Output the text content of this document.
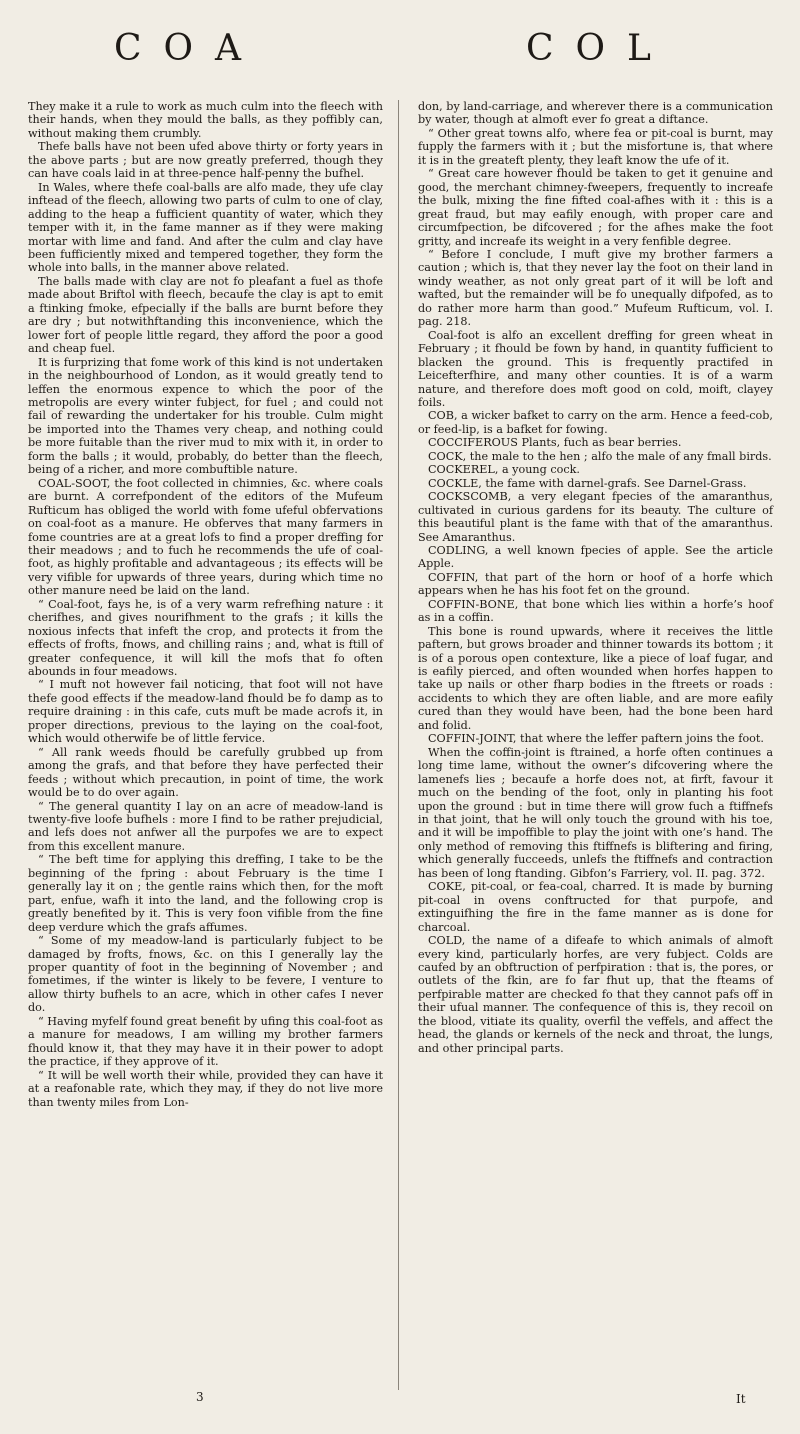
COA	COL

They make it a rule to work as much culm into the fleech with their hands, when they mould the balls, as they poffibly can, without making them crumbly.

Thefe balls have not been ufed above thirty or forty years in the above parts ; but are now greatly preferred, though they can have coals laid in at three-pence half-penny the bufhel.

In Wales, where thefe coal-balls are alfo made, they ufe clay inftead of the fleech, allowing two parts of culm to one of clay, adding to the heap a fufficient quantity of water, which they temper with it, in the fame manner as if they were making mortar with lime and fand. And after the culm and clay have been fufficiently mixed and tempered together, they form the whole into balls, in the manner above related.

The balls made with clay are not fo pleafant a fuel as thofe made about Briftol with fleech, becaufe the clay is apt to emit a ftinking fmoke, efpecially if the balls are burnt before they are dry ; but notwithftanding this inconvenience, which the lower fort of people little regard, they afford the poor a good and cheap fuel.

It is furprizing that fome work of this kind is not undertaken in the neighbourhood of London, as it would greatly tend to leffen the enormous expence to which the poor of the metropolis are every winter fubject, for fuel ; and could not fail of rewarding the undertaker for his trouble. Culm might be imported into the Thames very cheap, and nothing could be more fuitable than the river mud to mix with it, in order to form the balls ; it would, probably, do better than the fleech, being of a richer, and more combuftible nature.

COAL-SOOT, the foot collected in chimnies, &c. where coals are burnt. A correfpondent of the editors of the Mufeum Rufticum has obliged the world with fome ufeful obfervations on coal-foot as a manure. He obferves that many farmers in fome countries are at a great lofs to find a proper dreffing for their meadows ; and to fuch he recommends the ufe of coal-foot, as highly profitable and advantageous ; its effects will be very vifible for upwards of three years, during which time no other manure need be laid on the land.

“ Coal-foot, fays he, is of a very warm refrefhing nature : it cherifhes, and gives nourifhment to the grafs ; it kills the noxious infects that infeft the crop, and protects it from the effects of frofts, fnows, and chilling rains ; and, what is ftill of greater confequence, it will kill the mofs that fo often abounds in four meadows.

“ I muft not however fail noticing, that foot will not have thefe good effects if the meadow-land fhould be fo damp as to require draining : in this cafe, cuts muft be made acrofs it, in proper directions, previous to the laying on the coal-foot, which would otherwife be of little fervice.

“ All rank weeds fhould be carefully grubbed up from among the grafs, and that before they have perfected their feeds ; without which precaution, in point of time, the work would be to do over again.

“ The general quantity I lay on an acre of meadow-land is twenty-five loofe bufhels : more I find to be rather prejudicial, and lefs does not anfwer all the purpofes we are to expect from this excellent manure.

“ The beft time for applying this dreffing, I take to be the beginning of the fpring : about February is the time I generally lay it on ; the gentle rains which then, for the moft part, enfue, wafh it into the land, and the following crop is greatly benefited by it. This is very foon vifible from the fine deep verdure which the grafs affumes.

“ Some of my meadow-land is particularly fubject to be damaged by frofts, fnows, &c. on this I generally lay the proper quantity of foot in the beginning of November ; and fometimes, if the winter is likely to be fevere, I venture to allow thirty bufhels to an acre, which in other cafes I never do.

“ Having myfelf found great benefit by ufing this coal-foot as a manure for meadows, I am willing my brother farmers fhould know it, that they may have it in their power to adopt the practice, if they approve of it.

“ It will be well worth their while, provided they can have it at a reafonable rate, which they may, if they do not live more than twenty miles from Lon-

don, by land-carriage, and wherever there is a communication by water, though at almoft ever fo great a diftance.

“ Other great towns alfo, where fea or pit-coal is burnt, may fupply the farmers with it ; but the misfortune is, that where it is in the greateft plenty, they leaft know the ufe of it.

“ Great care however fhould be taken to get it genuine and good, the merchant chimney-fweepers, frequently to increafe the bulk, mixing the fine fifted coal-afhes with it : this is a great fraud, but may eafily enough, with proper care and circumfpection, be difcovered ; for the afhes make the foot gritty, and increafe its weight in a very fenfible degree.

“ Before I conclude, I muft give my brother farmers a caution ; which is, that they never lay the foot on their land in windy weather, as not only great part of it will be loft and wafted, but the remainder will be fo unequally difpofed, as to do rather more harm than good.” Mufeum Rufticum, vol. I. pag. 218.

Coal-foot is alfo an excellent dreffing for green wheat in February ; it fhould be fown by hand, in quantity fufficient to blacken the ground. This is frequently practifed in Leicefterfhire, and many other counties. It is of a warm nature, and therefore does moft good on cold, moift, clayey foils.

COB, a wicker bafket to carry on the arm. Hence a feed-cob, or feed-lip, is a bafket for fowing.

COCCIFEROUS Plants, fuch as bear berries.

COCK, the male to the hen ; alfo the male of any fmall birds.

COCKEREL, a young cock.

COCKLE, the fame with darnel-grafs. See Darnel-Grass.

COCKSCOMB, a very elegant fpecies of the amaranthus, cultivated in curious gardens for its beauty. The culture of this beautiful plant is the fame with that of the amaranthus. See Amaranthus.

CODLING, a well known fpecies of apple. See the article Apple.

COFFIN, that part of the horn or hoof of a horfe which appears when he has his foot fet on the ground.

COFFIN-BONE, that bone which lies within a horfe’s hoof as in a coffin.

This bone is round upwards, where it receives the little paftern, but grows broader and thinner towards its bottom ; it is of a porous open contexture, like a piece of loaf fugar, and is eafily pierced, and often wounded when horfes happen to take up nails or other fharp bodies in the ftreets or roads : accidents to which they are often liable, and are more eafily cured than they would have been, had the bone been hard and folid.

COFFIN-JOINT, that where the leffer paftern joins the foot.

When the coffin-joint is ftrained, a horfe often continues a long time lame, without the owner’s difcovering where the lamenefs lies ; becaufe a horfe does not, at firft, favour it much on the bending of the foot, only in planting his foot upon the ground : but in time there will grow fuch a ftiffnefs in that joint, that he will only touch the ground with his toe, and it will be impoffible to play the joint with one’s hand. The only method of removing this ftiffnefs is bliftering and firing, which generally fucceeds, unlefs the ftiffnefs and contraction has been of long ftanding. Gibfon’s Farriery, vol. II. pag. 372.

COKE, pit-coal, or fea-coal, charred. It is made by burning pit-coal in ovens conftructed for that purpofe, and extinguifhing the fire in the fame manner as is done for charcoal.

COLD, the name of a difeafe to which animals of almoft every kind, particularly horfes, are very fubject. Colds are caufed by an obftruction of perfpiration : that is, the pores, or outlets of the fkin, are fo far fhut up, that the fteams of perfpirable matter are checked fo that they cannot pafs off in their ufual manner. The confequence of this is, they recoil on the blood, vitiate its quality, overfil the veffels, and affect the head, the glands or kernels of the neck and throat, the lungs, and other principal parts.

3	It
